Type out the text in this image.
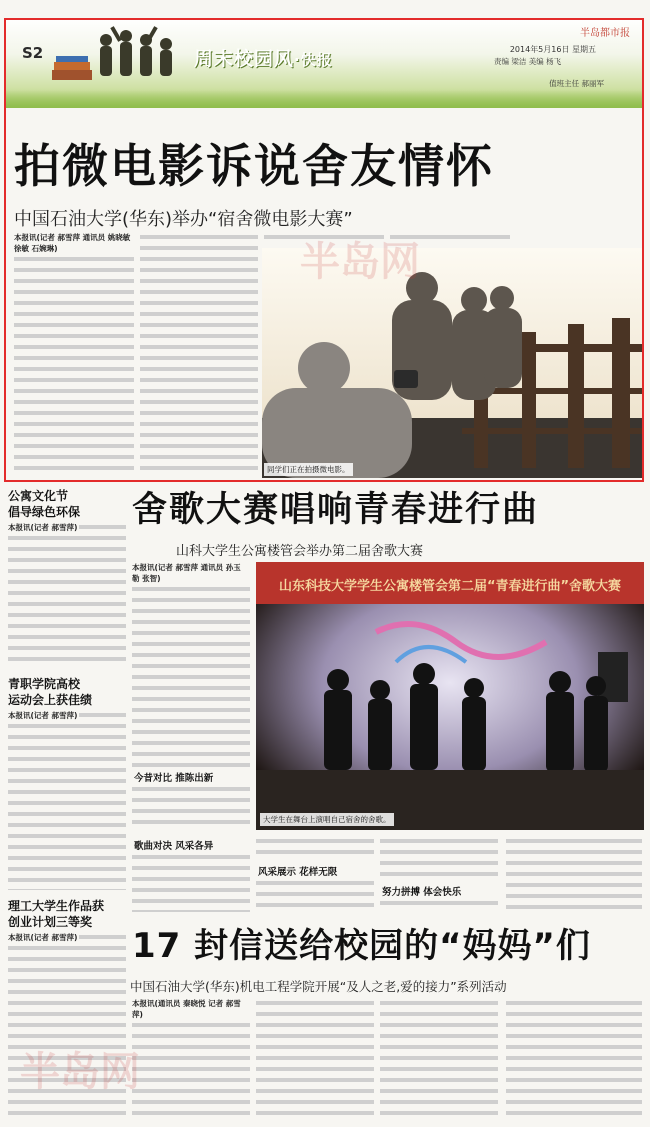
S2	周末校园风·快报
半岛都市报
2014年5月16日 星期五
责编 梁洁 美编 杨飞
值班主任 郝丽军
拍微电影诉说舍友情怀
中国石油大学(华东)举办“宿舍微电影大赛”
本报讯(记者 郝雪萍 通讯员 姚晓敏 徐敏 石婉琳)
同学们正在拍摄微电影。
公寓文化节
倡导绿色环保
本报讯(记者 郝雪萍)
青职学院高校
运动会上获佳绩
本报讯(记者 郝雪萍)
理工大学生作品获
创业计划三等奖
本报讯(记者 郝雪萍)
舍歌大赛唱响青春进行曲
山科大学生公寓楼管会举办第二届舍歌大赛
本报讯(记者 郝雪萍 通讯员 孙玉勒 张智)
今昔对比 推陈出新
山东科技大学学生公寓楼管会第二届“青春进行曲”舍歌大赛
大学生在舞台上演唱自己宿舍的舍歌。
歌曲对决 风采各异
风采展示 花样无限
努力拼搏 体会快乐
17 封信送给校园的“妈妈”们
中国石油大学(华东)机电工程学院开展“及人之老,爱的接力”系列活动
本报讯(通讯员 秦晓悦 记者 郝雪萍)
